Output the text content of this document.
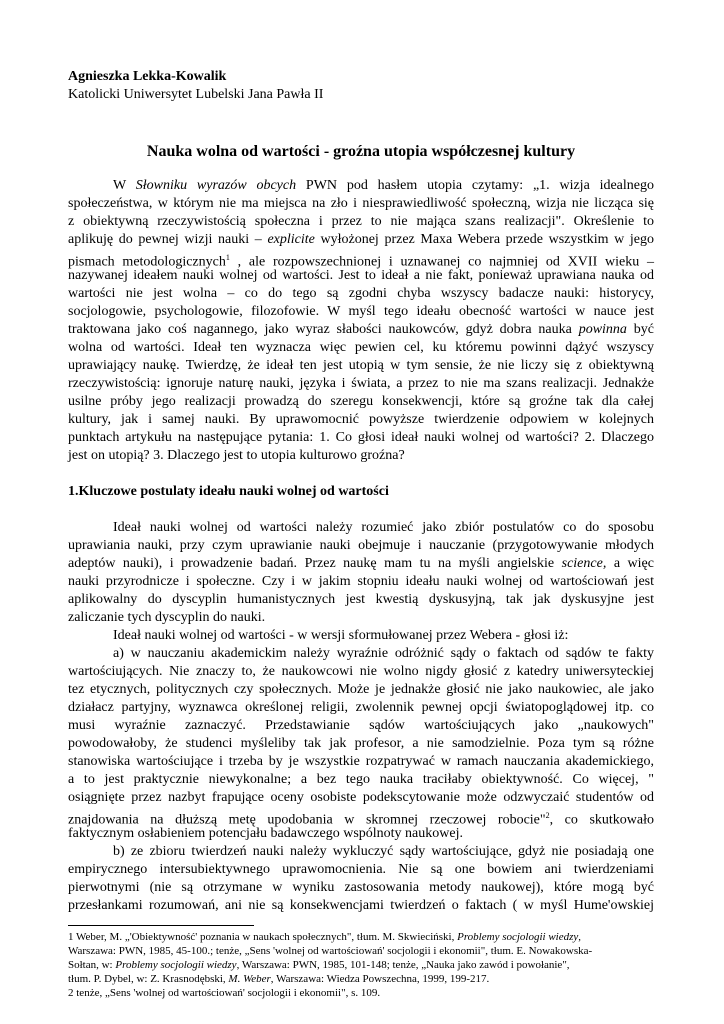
Agnieszka Lekka-Kowalik
Katolicki Uniwersytet Lubelski Jana Pawła II
Nauka wolna od wartości - groźna utopia współczesnej kultury
W Słowniku wyrazów obcych PWN pod hasłem utopia czytamy: „1. wizja idealnego
społeczeństwa, w którym nie ma miejsca na zło i niesprawiedliwość społeczną, wizja nie licząca się
z obiektywną rzeczywistością społeczna i przez to nie mająca szans realizacji". Określenie to
aplikuję do pewnej wizji nauki – explicite wyłożonej przez Maxa Webera przede wszystkim w jego
pismach metodologicznych$^1$ , ale rozpowszechnionej i uznawanej co najmniej od XVII wieku –
nazywanej ideałem nauki wolnej od wartości. Jest to ideał a nie fakt, ponieważ uprawiana nauka od
wartości nie jest wolna – co do tego są zgodni chyba wszyscy badacze nauki: historycy,
socjologowie, psychologowie, filozofowie. W myśl tego ideału obecność wartości w nauce jest
traktowana jako coś nagannego, jako wyraz słabości naukowców, gdyż dobra nauka powinna być
wolna od wartości. Ideał ten wyznacza więc pewien cel, ku któremu powinni dążyć wszyscy
uprawiający naukę. Twierdzę, że ideał ten jest utopią w tym sensie, że nie liczy się z obiektywną
rzeczywistością: ignoruje naturę nauki, języka i świata, a przez to nie ma szans realizacji. Jednakże
usilne próby jego realizacji prowadzą do szeregu konsekwencji, które są groźne tak dla całej
kultury, jak i samej nauki. By uprawomocnić powyższe twierdzenie odpowiem w kolejnych
punktach artykułu na następujące pytania: 1. Co głosi ideał nauki wolnej od wartości? 2. Dlaczego
jest on utopią? 3. Dlaczego jest to utopia kulturowo groźna?
1.Kluczowe postulaty ideału nauki wolnej od wartości
Ideał nauki wolnej od wartości należy rozumieć jako zbiór postulatów co do sposobu
uprawiania nauki, przy czym uprawianie nauki obejmuje i nauczanie (przygotowywanie młodych
adeptów nauki), i prowadzenie badań. Przez naukę mam tu na myśli angielskie science, a więc
nauki przyrodnicze i społeczne. Czy i w jakim stopniu ideału nauki wolnej od wartościowań jest
aplikowalny do dyscyplin humanistycznych jest kwestią dyskusyjną, tak jak dyskusyjne jest
zaliczanie tych dyscyplin do nauki.
Ideał nauki wolnej od wartości - w wersji sformułowanej przez Webera - głosi iż:
a) w nauczaniu akademickim należy wyraźnie odróżnić sądy o faktach od sądów te fakty
wartościujących. Nie znaczy to, że naukowcowi nie wolno nigdy głosić z katedry uniwersyteckiej
tez etycznych, politycznych czy społecznych. Może je jednakże głosić nie jako naukowiec, ale jako
działacz partyjny, wyznawca określonej religii, zwolennik pewnej opcji światopoglądowej itp. co
musi wyraźnie zaznaczyć. Przedstawianie sądów wartościujących jako „naukowych"
powodowałoby, że studenci myśleliby tak jak profesor, a nie samodzielnie. Poza tym są różne
stanowiska wartościujące i trzeba by je wszystkie rozpatrywać w ramach nauczania akademickiego,
a to jest praktycznie niewykonalne; a bez tego nauka traciłaby obiektywność. Co więcej, "
osiągnięte przez nazbyt frapujące oceny osobiste podekscytowanie może odzwyczaić studentów od
znajdowania na dłuższą metę upodobania w skromnej rzeczowej robocie"$^2$, co skutkowało
faktycznym osłabieniem potencjału badawczego wspólnoty naukowej.
b) ze zbioru twierdzeń nauki należy wykluczyć sądy wartościujące, gdyż nie posiadają one
empirycznego intersubiektywnego uprawomocnienia. Nie są one bowiem ani twierdzeniami
pierwotnymi (nie są otrzymane w wyniku zastosowania metody naukowej), które mogą być
przesłankami rozumowań, ani nie są konsekwencjami twierdzeń o faktach ( w myśl Hume'owskiej
1 Weber, M. „'Obiektywność' poznania w naukach społecznych", tłum. M. Skwieciński, Problemy socjologii wiedzy,
Warszawa: PWN, 1985, 45-100.; tenże, „Sens 'wolnej od wartościowań' socjologii i ekonomii", tłum. E. Nowakowska-
Sołtan, w: Problemy socjologii wiedzy, Warszawa: PWN, 1985, 101-148; tenże, „Nauka jako zawód i powołanie",
tłum. P. Dybel, w: Z. Krasnodębski, M. Weber, Warszawa: Wiedza Powszechna, 1999, 199-217.
2 tenże, „Sens 'wolnej od wartościowań' socjologii i ekonomii", s. 109.
